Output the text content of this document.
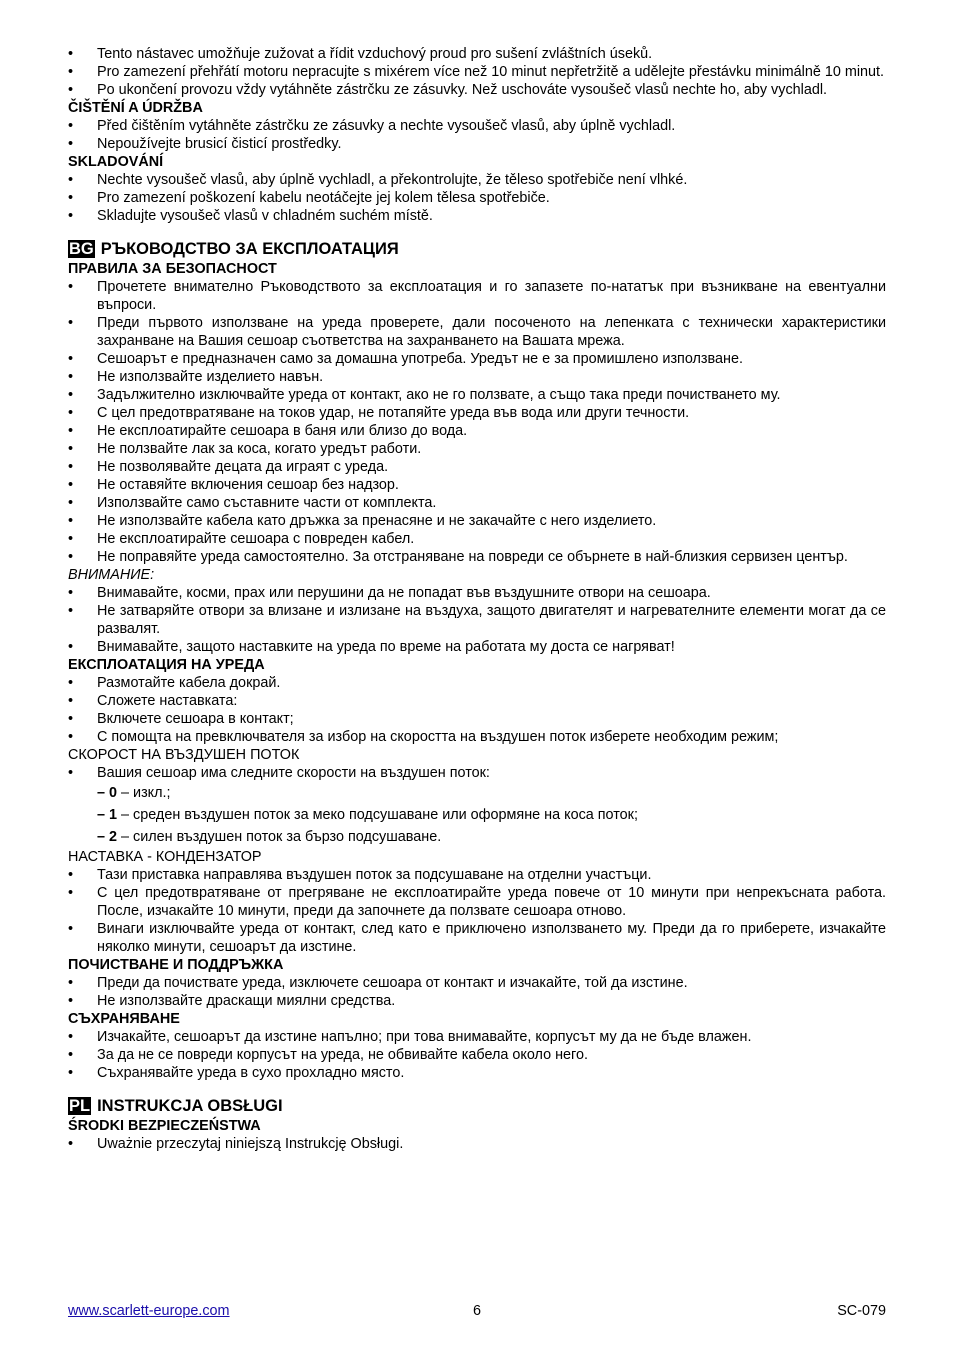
• Tento nástavec umožňuje zužovat a řídit vzduchový proud pro sušení zvláštních úseků.
• Pro zamezení přehřátí motoru nepracujte s mixérem více než 10 minut nepřetržitě a udělejte přestávku minimálně 10 minut.
• Po ukončení provozu vždy vytáhněte zástrčku ze zásuvky. Než uschováte vysoušeč vlasů nechte ho, aby vychladl.
ČIŠTĚNÍ A ÚDRŽBA
• Před čištěním vytáhněte zástrčku ze zásuvky a nechte vysoušeč vlasů, aby úplně vychladl.
• Nepoužívejte brusicí čisticí prostředky.
SKLADOVÁNÍ
• Nechte vysoušeč vlasů, aby úplně vychladl, a překontrolujte, že těleso spotřebiče není vlhké.
• Pro zamezení poškození kabelu neotáčejte jej kolem tělesa spotřebiče.
• Skladujte vysoušeč vlasů v chladném suchém místě.
BG РЪКОВОДСТВО ЗА ЕКСПЛОАТАЦИЯ
ПРАВИЛА ЗА БЕЗОПАСНОСТ
• Прочетете внимателно Ръководството за експлоатация и го запазете по-нататък при възникване на евентуални въпроси.
• Преди първото използване на уреда проверете, дали посоченото на лепенката с технически характеристики захранване на Вашия сешоар съответства на захранването на Вашата мрежа.
• Сешоарът е предназначен само за домашна употреба. Уредът не е за промишлено използване.
• Не използвайте изделието навън.
• Задължително изключвайте уреда от контакт, ако не го ползвате, а също така преди почистването му.
• С цел предотвратяване на токов удар, не потапяйте уреда във вода или други течности.
• Не експлоатирайте сешоара в баня или близо до вода.
• Не ползвайте лак за коса, когато уредът работи.
• Не позволявайте децата да играят с уреда.
• Не оставяйте включения сешоар без надзор.
• Използвайте само съставните части от комплекта.
• Не използвайте кабела като дръжка за пренасяне и не закачайте с него изделието.
• Не експлоатирайте сешоара с повреден кабел.
• Не поправяйте уреда самостоятелно. За отстраняване на повреди се обърнете в най-близкия сервизен център.
ВНИМАНИЕ:
• Внимавайте, косми, прах или перушини да не попадат във въздушните отвори на сешоара.
• Не затваряйте отвори за влизане и излизане на въздуха, защото двигателят и нагревателните елементи могат да се развалят.
• Внимавайте, защото наставките на уреда по време на работата му доста се нагряват!
ЕКСПЛОАТАЦИЯ НА УРЕДА
• Размотайте кабела докрай.
• Сложете наставката:
• Включете сешоара в контакт;
• С помощта на превключвателя за избор на скоростта на въздушен поток изберете необходим режим;
СКОРОСТ НА ВЪЗДУШЕН ПОТОК
• Вашия сешоар има следните скорости на въздушен поток:
– 0 – изкл.;
– 1 – среден въздушен поток за меко подсушаване или оформяне на коса поток;
– 2 – силен въздушен поток за бързо подсушаване.
НАСТАВКА - КОНДЕНЗАТОР
• Тази приставка направлява въздушен поток за подсушаване на отделни участъци.
• С цел предотвратяване от прегряване не експлоатирайте уреда повече от 10 минути при непрекъсната работа. После, изчакайте 10 минути, преди да започнете да ползвате сешоара отново.
• Винаги изключвайте уреда от контакт, след като е приключено използването му. Преди да го приберете, изчакайте няколко минути, сешоарът да изстине.
ПОЧИСТВАНЕ И ПОДДРЪЖКА
• Преди да почиствате уреда, изключете сешоара от контакт и изчакайте, той да изстине.
• Не използвайте драскащи миялни средства.
СЪХРАНЯВАНЕ
• Изчакайте, сешоарът да изстине напълно; при това внимавайте, корпусът му да не бъде влажен.
• За да не се повреди корпусът на уреда, не обвивайте кабела около него.
• Съхранявайте уреда в сухо прохладно място.
PL INSTRUKCJA OBSŁUGI
ŚRODKI BEZPIECZEŃSTWA
• Uważnie przeczytaj niniejszą Instrukcję Obsługi.
www.scarlett-europe.com	6	SC-079
